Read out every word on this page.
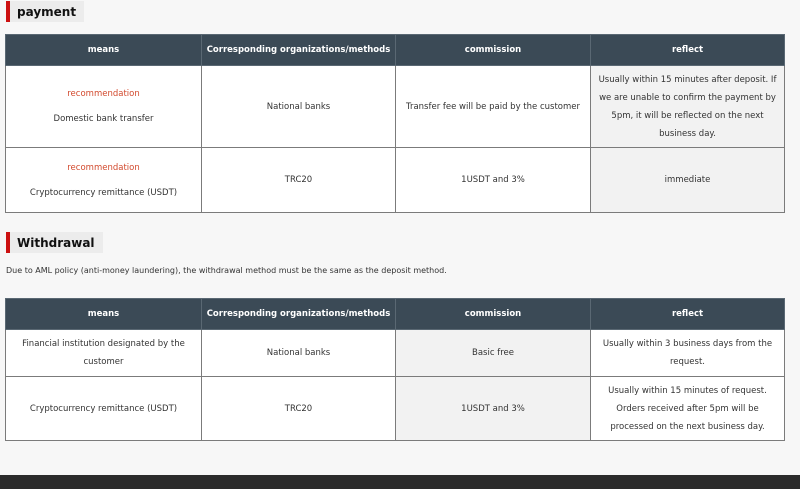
payment
means	Corresponding organizations/methods	commission	reflect

recommendation
Domestic bank transfer	National banks	Transfer fee will be paid by the customer	Usually within 15 minutes after deposit. If we are unable to confirm the payment by 5pm, it will be reflected on the next business day.

recommendation
Cryptocurrency remittance (USDT)	TRC20	1USDT and 3%	immediate
Withdrawal
Due to AML policy (anti-money laundering), the withdrawal method must be the same as the deposit method.
means	Corresponding organizations/methods	commission	reflect
Financial institution designated by the customer	National banks	Basic free	Usually within 3 business days from the request.
Cryptocurrency remittance (USDT)	TRC20	1USDT and 3%	Usually within 15 minutes of request. Orders received after 5pm will be processed on the next business day.
